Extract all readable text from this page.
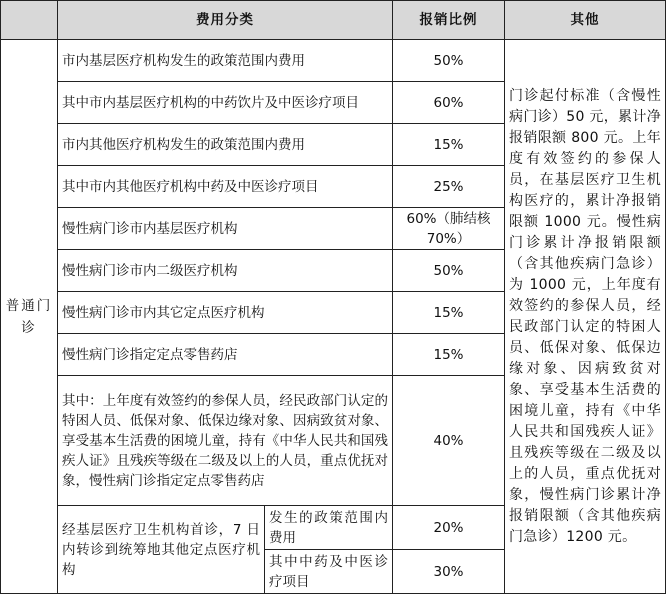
	费用分类		报销比例	其他
普通门诊	市内基层医疗机构发生的政策范围内费用		50%	门诊起付标准（含慢性病门诊）50 元，累计净报销限额 800 元。上年度有效签约的参保人员，在基层医疗卫生机构医疗的，累计净报销限额 1000 元。慢性病门诊累计净报销限额（含其他疾病门急诊）为 1000 元，上年度有效签约的参保人员，经民政部门认定的特困人员、低保对象、低保边缘对象、因病致贫对象、享受基本生活费的困境儿童，持有《中华人民共和国残疾人证》且残疾等级在二级及以上的人员，重点优抚对象，慢性病门诊累计净报销限额（含其他疾病门急诊）1200 元。
	其中市内基层医疗机构的中药饮片及中医诊疗项目		60%	
	市内其他医疗机构发生的政策范围内费用		15%	
	其中市内其他医疗机构中药及中医诊疗项目		25%	
	慢性病门诊市内基层医疗机构		60%（肺结核 70%）	
	慢性病门诊市内二级医疗机构		50%	
	慢性病门诊市内其它定点医疗机构		15%	
	慢性病门诊指定定点零售药店		15%	
	其中：上年度有效签约的参保人员，经民政部门认定的特困人员、低保对象、低保边缘对象、因病致贫对象、享受基本生活费的困境儿童，持有《中华人民共和国残疾人证》且残疾等级在二级及以上的人员，重点优抚对象，慢性病门诊指定定点零售药店		40%	
	经基层医疗卫生机构首诊，7 日内转诊到统筹地其他定点医疗机构	发生的政策范围内费用	20%	
		其中中药及中医诊疗项目	30%	
